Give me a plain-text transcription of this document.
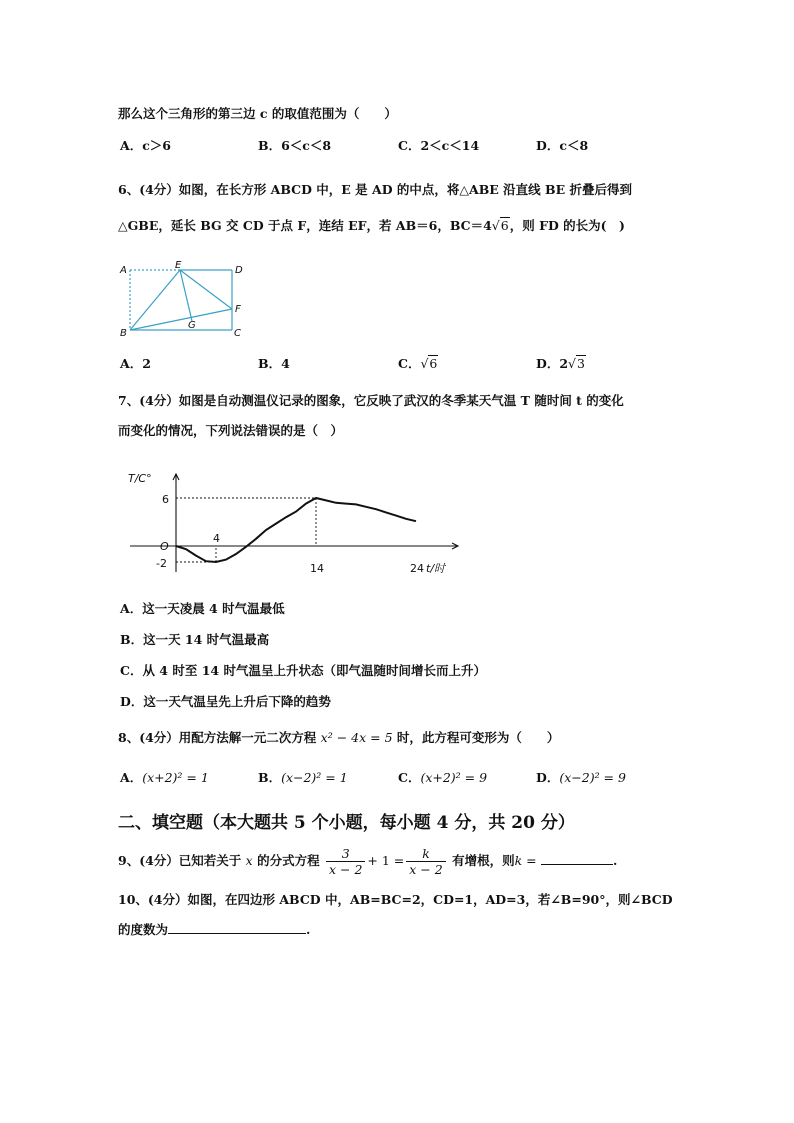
那么这个三角形的第三边 c 的取值范围为（　　）
A．c＞6	B．6＜c＜8	C．2＜c＜14	D．c＜8
6、(4分）如图，在长方形 ABCD 中，E 是 AD 的中点，将△ABE 沿直线 BE 折叠后得到
△GBE，延长 BG 交 CD 于点 F，连结 EF，若 AB＝6，BC＝4√6，则 FD 的长为(　)
A	E	D
F
G
B	C
A．2	B．4	C．√6	D．2√3
7、(4分）如图是自动测温仪记录的图象，它反映了武汉的冬季某天气温 T 随时间 t 的变化
而变化的情况，下列说法错误的是（　）
T/C°
O
6
-2
4
14	24 t/时
A．这一天凌晨 4 时气温最低
B．这一天 14 时气温最高
C．从 4 时至 14 时气温呈上升状态（即气温随时间增长而上升）
D．这一天气温呈先上升后下降的趋势
8、(4分）用配方法解一元二次方程 x² − 4x = 5 时，此方程可变形为（　　）
A．(x+2)² = 1	B．(x−2)² = 1	C．(x+2)² = 9	D．(x−2)² = 9
二、填空题（本大题共 5 个小题，每小题 4 分，共 20 分）
9、(4分）已知若关于 x 的分式方程 $\frac{3}{x - 2} + 1 = \frac{k}{x - 2}$ 有增根，则k =	.
10、(4分）如图，在四边形 ABCD 中，AB=BC=2，CD=1，AD=3，若∠B=90°，则∠BCD
的度数为	.
